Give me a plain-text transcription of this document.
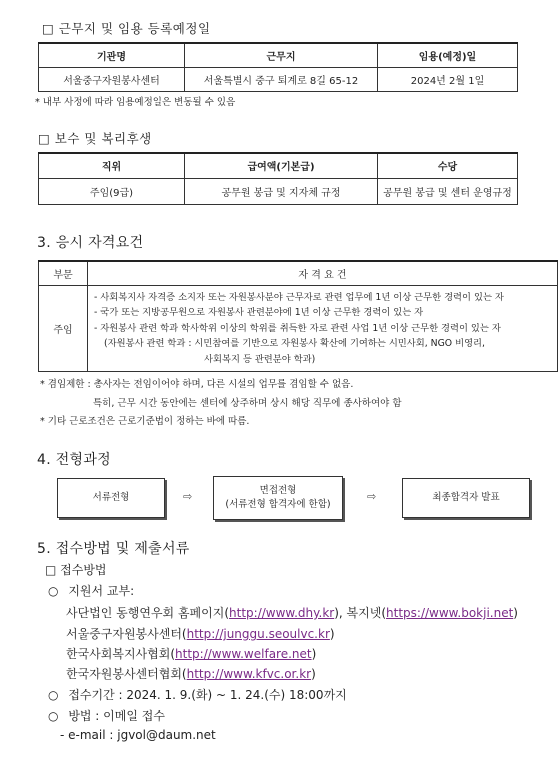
□ 근무지 및 임용 등록예정일
기관명	근무지	임용(예정)일
서울중구자원봉사센터	서울특별시 중구 퇴계로 8길 65-12	2024년 2월 1일
* 내부 사정에 따라 임용예정일은 변동될 수 있음
□ 보수 및 복리후생
직위	급여액(기본급)	수당
주임(9급)	공무원 봉급 및 지자체 규정	공무원 봉급 및 센터 운영규정
3. 응시 자격요건
부문	자 격 요 건
주임	- 사회복지사 자격증 소지자 또는 자원봉사분야 근무자로 관련 업무에 1년 이상 근무한 경력이 있는 자
- 국가 또는 지방공무원으로 자원봉사 관련분야에 1년 이상 근무한 경력이 있는 자
- 자원봉사 관련 학과 학사학위 이상의 학위를 취득한 자로 관련 사업 1년 이상 근무한 경력이 있는 자
(자원봉사 관련 학과 : 시민참여를 기반으로 자원봉사 확산에 기여하는 시민사회, NGO 비영리,
사회복지 등 관련분야 학과)
* 겸임제한 : 총사자는 전임이어야 하며, 다른 시설의 업무를 겸임할 수 없음.
특히, 근무 시간 동안에는 센터에 상주하며 상시 해당 직무에 종사하여야 함
* 기타 근로조건은 근로기준법이 정하는 바에 따름.
4. 전형과정
서류전형	⇨	면접전형
(서류전형 합격자에 한함)
⇨	최종합격자 발표
5. 접수방법 및 제출서류
□ 접수방법
○ 지원서 교부:
사단법인 동행연우회 홈페이지(http://www.dhy.kr), 복지넷(https://www.bokji.net)
서울중구자원봉사센터(http://junggu.seoulvc.kr)
한국사회복지사협회(http://www.welfare.net)
한국자원봉사센터협회(http://www.kfvc.or.kr)
○ 접수기간 : 2024. 1. 9.(화) ~ 1. 24.(수) 18:00까지
○ 방법 : 이메일 접수
- e-mail : jgvol@daum.net
